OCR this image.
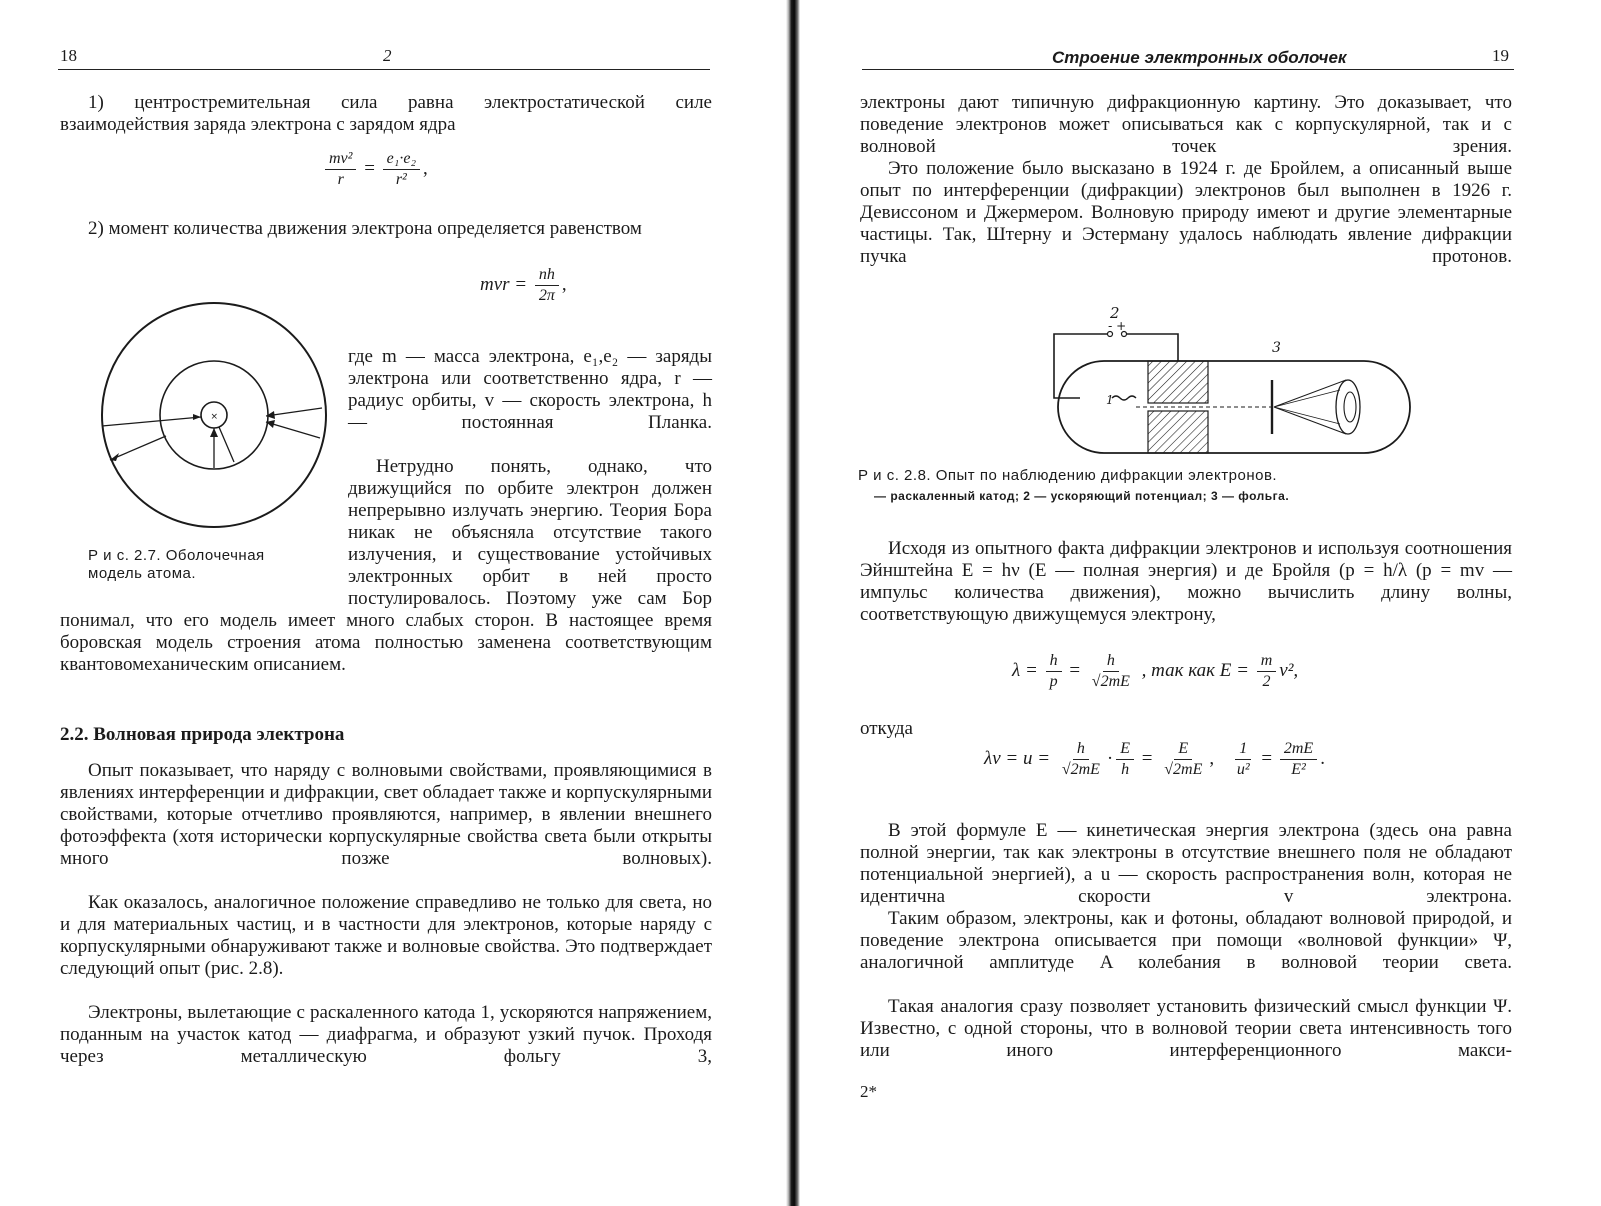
18	2

1) центростремительная сила равна электростатической силе взаимодействия заряда электрона с зарядом ядра

$\frac{\text{mv²}}{r} = \frac{\text{e₁·e₂}}{\text{r²}}$ ,

2) момент количества движения электрона определяется равенством

mvr = $\frac{nh}{2\pi}$ ,
×
Р и с. 2.7. Оболочечная
модель атома.

где m — масса электрона, e₁,e₂ — заряды электрона или соответственно ядра, r — радиус орбиты, v — скорость электрона, h — постоянная Планка.

Нетрудно понять, однако, что движущийся по орбите электрон должен непрерывно излучать энергию. Теория Бора никак не объясняла отсутствие такого излучения, и существование устойчивых электронных орбит в ней просто постулировалось. Поэтому уже сам Бор

понимал, что его модель имеет много слабых сторон. В настоящее время боровская модель строения атома полностью заменена соответствующим квантовомеханическим описанием.

2.2. Волновая природа электрона

Опыт показывает, что наряду с волновыми свойствами, проявляющимися в явлениях интерференции и дифракции, свет обладает также и корпускулярными свойствами, которые отчетливо проявляются, например, в явлении внешнего фотоэффекта (хотя исторически корпускулярные свойства света были открыты много позже волновых).

Как оказалось, аналогичное положение справедливо не только для света, но и для материальных частиц, и в частности для электронов, которые наряду с корпускулярными обнаруживают также и волновые свойства. Это подтверждает следующий опыт (рис. 2.8).

Электроны, вылетающие с раскаленного катода 1, ускоряются напряжением, поданным на участок катод — диафрагма, и образуют узкий пучок. Проходя через металлическую фольгу 3,

Строение электронных оболочек	19

электроны дают типичную дифракционную картину. Это доказывает, что поведение электронов может описываться как с корпускулярной, так и с волновой точек зрения.

Это положение было высказано в 1924 г. де Бройлем, а описанный выше опыт по интерференции (дифракции) электронов был выполнен в 1926 г. Девиссоном и Джермером. Волновую природу имеют и другие элементарные частицы. Так, Штерну и Эстерману удалось наблюдать явление дифракции пучка протонов.

2
- +
1
3
Р и с. 2.8. Опыт по наблюдению дифракции электронов.
— раскаленный катод; 2 — ускоряющий потенциал; 3 — фольга.

Исходя из опытного факта дифракции электронов и используя соотношения Эйнштейна E = hν (E — полная энергия) и де Бройля (p = h/λ (p = mv — импульс количества движения), можно вычислить длину волны, соответствующую движущемуся электрону,

$\lambda = \frac{h}{p} = \frac{h}{√2mE}$ , так как $E = \frac{m}{2} v^2$,
откуда
$\lambda\nu = u = \frac{h}{√2mE} \cdot \frac{E}{h} = \frac{E}{√2mE}$ , $\frac{1}{\text{u²}} = \frac{2mE}{\text{E²}}$ .

В этой формуле E — кинетическая энергия электрона (здесь она равна полной энергии, так как электроны в отсутствие внешнего поля не обладают потенциальной энергией), а u — скорость распространения волн, которая не идентична скорости v электрона.

Таким образом, электроны, как и фотоны, обладают волновой природой, и поведение электрона описывается при помощи «волновой функции» Ψ, аналогичной амплитуде A колебания в волновой теории света.

Такая аналогия сразу позволяет установить физический смысл функции Ψ. Известно, с одной стороны, что в волновой теории света интенсивность того или иного интерференционного макси-

2*
